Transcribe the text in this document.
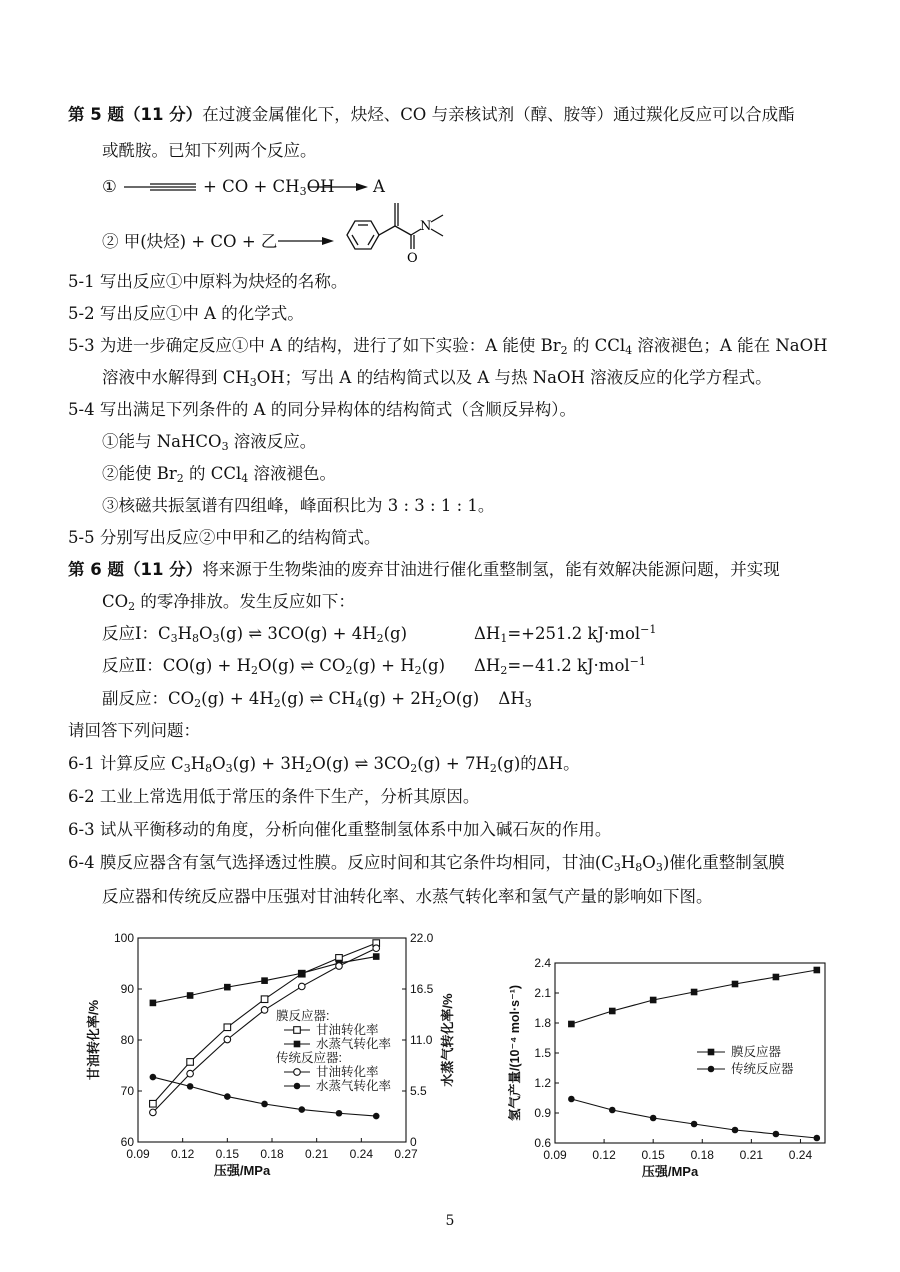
第 5 题（11 分）在过渡金属催化下，炔烃、CO 与亲核试剂（醇、胺等）通过羰化反应可以合成酯
或酰胺。已知下列两个反应。
①	+ CO + $CH_3OH \to A$
② 甲(炔烃) + CO + 乙
O
N
5-1 写出反应①中原料为炔烃的名称。
5-2 写出反应①中 A 的化学式。
5-3 为进一步确定反应①中 A 的结构，进行了如下实验：A 能使 $Br_2$ 的 CCl$_4$ 溶液褪色；A 能在 NaOH
溶液中水解得到 $CH_3OH$；写出 A 的结构简式以及 A 与热 NaOH 溶液反应的化学方程式。
5-4 写出满足下列条件的 A 的同分异构体的结构简式（含顺反异构）。
①能与 NaHCO$_3$ 溶液反应。
②能使 $Br_2$ 的 CCl$_4$ 溶液褪色。
③核磁共振氢谱有四组峰，峰面积比为 3 : 3 : 1 : 1。
5-5 分别写出反应②中甲和乙的结构简式。
第 6 题（11 分）将来源于生物柴油的废弃甘油进行催化重整制氢，能有效解决能源问题，并实现
$CO_2$ 的零净排放。发生反应如下：
反应Ⅰ：$C_3H_8O_3(g)$ ⇌ $3CO(g) + 4H_2(g)$	$\Delta H_1=+251.2$ kJ·mol$^{-1}$
反应Ⅱ：$CO(g) + H_2O(g)$ ⇌ $CO_2(g) + H_2(g)$ $\Delta H_2=-41.2$ kJ·mol$^{-1}$
副反应：$CO_2(g) + 4H_2(g)$ ⇌ $CH_4(g) + 2H_2O(g)$ $\Delta H_3$
请回答下列问题：
6-1 计算反应 $C_3H_8O_3(g) + 3H_2O(g)$ ⇌ $3CO_2(g) + 7H_2(g)$的ΔH。
6-2 工业上常选用低于常压的条件下生产，分析其原因。
6-3 试从平衡移动的角度，分析向催化重整制氢体系中加入碱石灰的作用。
6-4 膜反应器含有氢气选择透过性膜。反应时间和其它条件均相同，甘油$(C_3H_8O_3)$催化重整制氢膜
反应器和传统反应器中压强对甘油转化率、水蒸气转化率和氢气产量的影响如下图。
0.09 0.12 0.15 0.18 0.21 0.24 0.27
60
70
80
90
100
0
5.5
11.0
16.5
22.0
压强/MPa
甘油转化率/%	水蒸气转化率/%
膜反应器:
甘油转化率
水蒸气转化率
传统反应器:
甘油转化率
水蒸气转化率
0.09 0.12 0.15 0.18 0.21 0.24
0.6
0.9
1.2
1.5
1.8
2.1
2.4
压强/MPa
氢气产量/(10⁻⁴ mol·s⁻¹)	膜反应器
传统反应器
5
